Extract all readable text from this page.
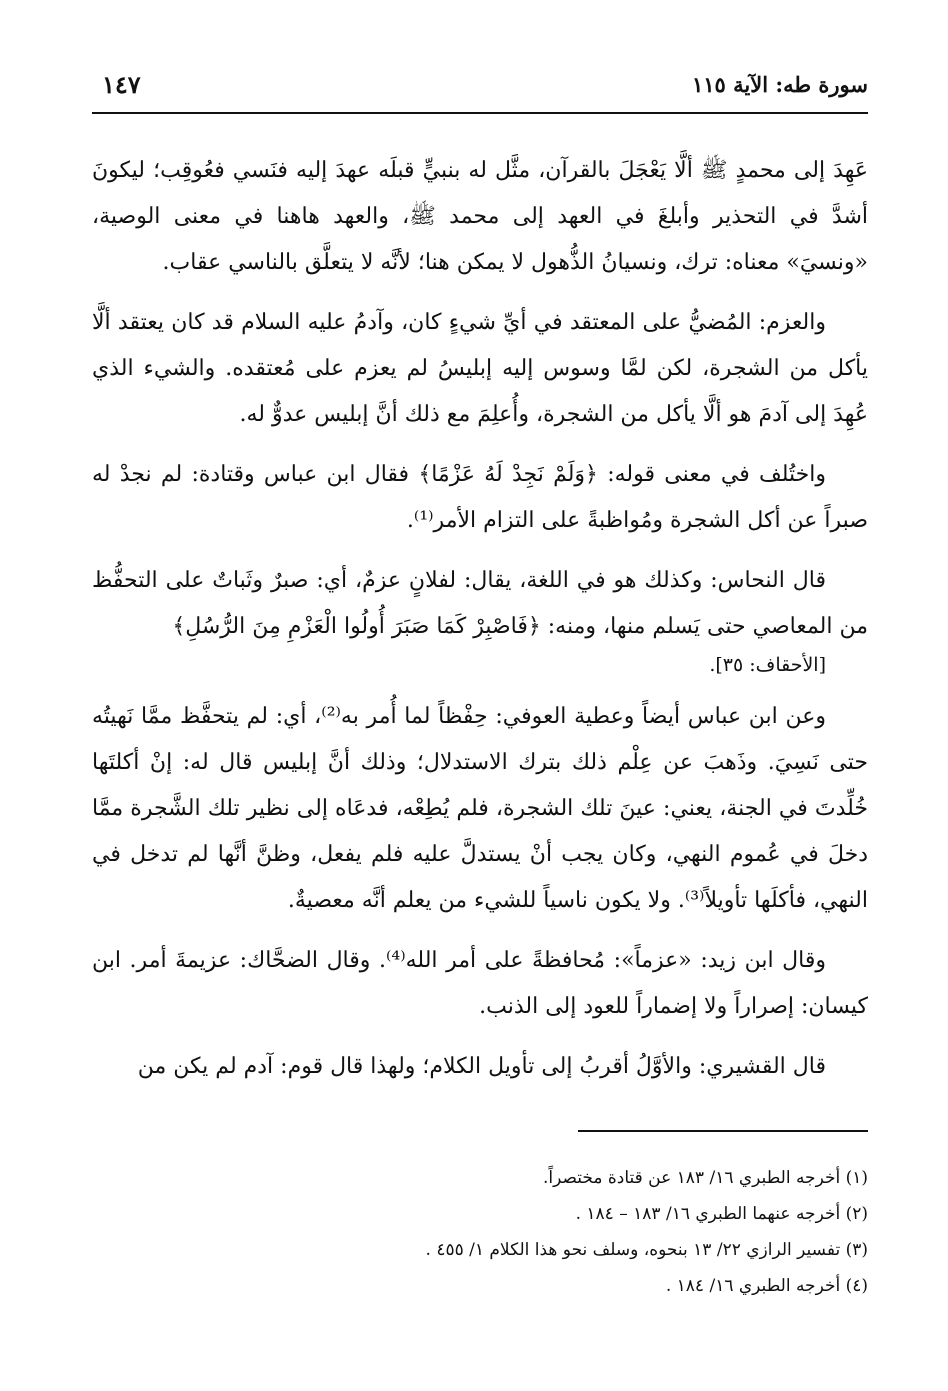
سورة طه: الآية ١١٥
١٤٧

عَهِدَ إلى محمدٍ ﷺ ألَّا يَعْجَلَ بالقرآن، مثَّل له بنبيٍّ قبلَه عهدَ إليه فنَسي فعُوقِب؛ ليكونَ أشدَّ في التحذير وأبلغَ في العهد إلى محمد ﷺ، والعهد هاهنا في معنى الوصية، «ونسيَ» معناه: ترك، ونسيانُ الذُّهول لا يمكن هنا؛ لأنَّه لا يتعلَّق بالناسي عقاب.

والعزم: المُضيُّ على المعتقد في أيِّ شيءٍ كان، وآدمُ عليه السلام قد كان يعتقد ألَّا يأكل من الشجرة، لكن لمَّا وسوس إليه إبليسُ لم يعزم على مُعتقده. والشيء الذي عُهِدَ إلى آدمَ هو ألَّا يأكل من الشجرة، وأُعلِمَ مع ذلك أنَّ إبليس عدوٌّ له.

واختُلف في معنى قوله: ﴿وَلَمْ نَجِدْ لَهُ عَزْمًا﴾ فقال ابن عباس وقتادة: لم نجدْ له صبراً عن أكل الشجرة ومُواظبةً على التزام الأمر⁽¹⁾.

قال النحاس: وكذلك هو في اللغة، يقال: لفلانٍ عزمٌ، أي: صبرٌ وثَباتٌ على التحفُّظ من المعاصي حتى يَسلم منها، ومنه: ﴿فَاصْبِرْ كَمَا صَبَرَ أُولُوا الْعَزْمِ مِنَ الرُّسُلِ﴾
[الأحقاف: ٣٥].

وعن ابن عباس أيضاً وعطية العوفي: حِفْظاً لما أُمر به⁽²⁾، أي: لم يتحفَّظ ممَّا نَهيتُه حتى نَسِيَ. وذَهبَ عن عِلْم ذلك بترك الاستدلال؛ وذلك أنَّ إبليس قال له: إنْ أكلتَها خُلِّدتَ في الجنة، يعني: عينَ تلك الشجرة، فلم يُطِعْه، فدعَاه إلى نظير تلك الشَّجرة ممَّا دخلَ في عُموم النهي، وكان يجب أنْ يستدلَّ عليه فلم يفعل، وظنَّ أنَّها لم تدخل في النهي، فأكلَها تأويلاً⁽³⁾. ولا يكون ناسياً للشيء من يعلم أنَّه معصيةٌ.

وقال ابن زيد: «عزماً»: مُحافظةً على أمر الله⁽⁴⁾. وقال الضحَّاك: عزيمةَ أمر. ابن كيسان: إصراراً ولا إضماراً للعود إلى الذنب.

قال القشيري: والأوَّلُ أقربُ إلى تأويل الكلام؛ ولهذا قال قوم: آدم لم يكن من

(١) أخرجه الطبري ١٦/ ١٨٣ عن قتادة مختصراً.
(٢) أخرجه عنهما الطبري ١٦/ ١٨٣ – ١٨٤ .
(٣) تفسير الرازي ٢٢/ ١٣ بنحوه، وسلف نحو هذا الكلام ١/ ٤٥٥ .
(٤) أخرجه الطبري ١٦/ ١٨٤ .
